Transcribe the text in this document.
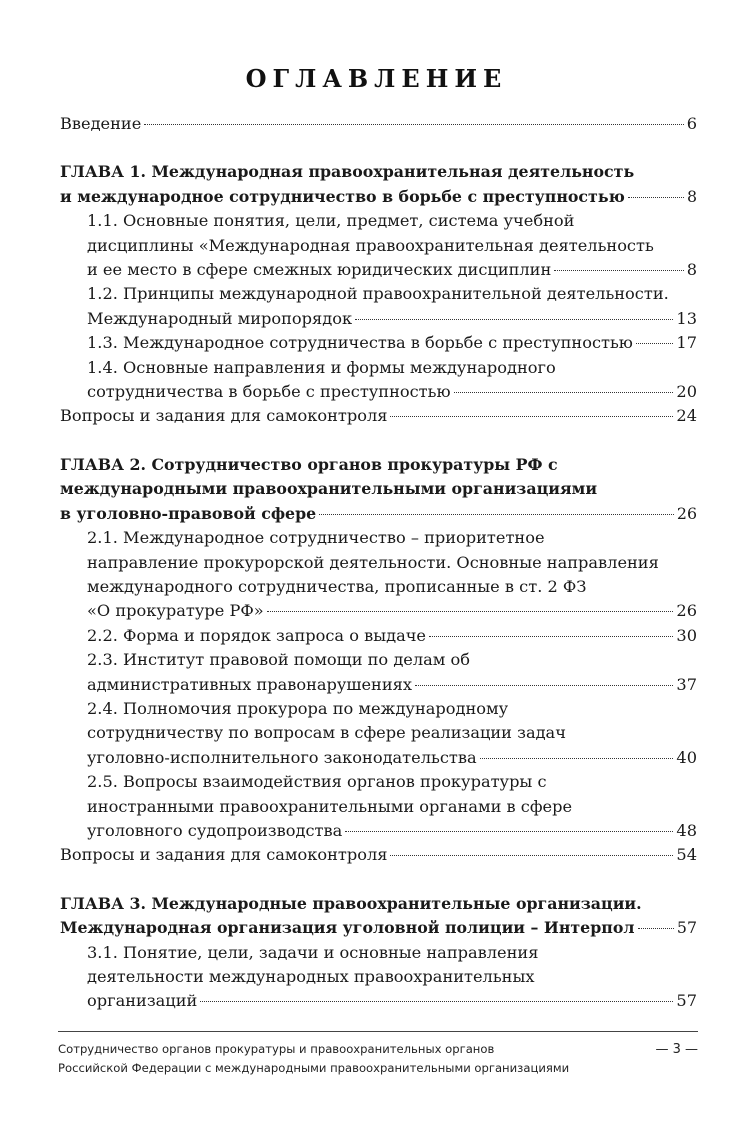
ОГЛАВЛЕНИЕ
Введение	6
ГЛАВА 1. Международная правоохранительная деятельность
и международное сотрудничество в борьбе с преступностью	8
1.1. Основные понятия, цели, предмет, система учебной
дисциплины «Международная правоохранительная деятельность
и ее место в сфере смежных юридических дисциплин	8
1.2. Принципы международной правоохранительной деятельности.
Международный миропорядок	13
1.3. Международное сотрудничества в борьбе с преступностью	17
1.4. Основные направления и формы международного
сотрудничества в борьбе с преступностью	20
Вопросы и задания для самоконтроля	24
ГЛАВА 2. Сотрудничество органов прокуратуры РФ с
международными правоохранительными организациями
в уголовно-правовой сфере	26
2.1. Международное сотрудничество – приоритетное
направление прокурорской деятельности. Основные направления
международного сотрудничества, прописанные в ст. 2 ФЗ
«О прокуратуре РФ»	26
2.2. Форма и порядок запроса о выдаче	30
2.3. Институт правовой помощи по делам об
административных правонарушениях	37
2.4. Полномочия прокурора по международному
сотрудничеству по вопросам в сфере реализации задач
уголовно-исполнительного законодательства	40
2.5. Вопросы взаимодействия органов прокуратуры с
иностранными правоохранительными органами в сфере
уголовного судопроизводства	48
Вопросы и задания для самоконтроля	54
ГЛАВА 3. Международные правоохранительные организации.
Международная организация уголовной полиции – Интерпол	57
3.1. Понятие, цели, задачи и основные направления
деятельности международных правоохранительных
организаций	57
Сотрудничество органов прокуратуры и правоохранительных органов
Российской Федерации с международными правоохранительными организациями
— 3 —
